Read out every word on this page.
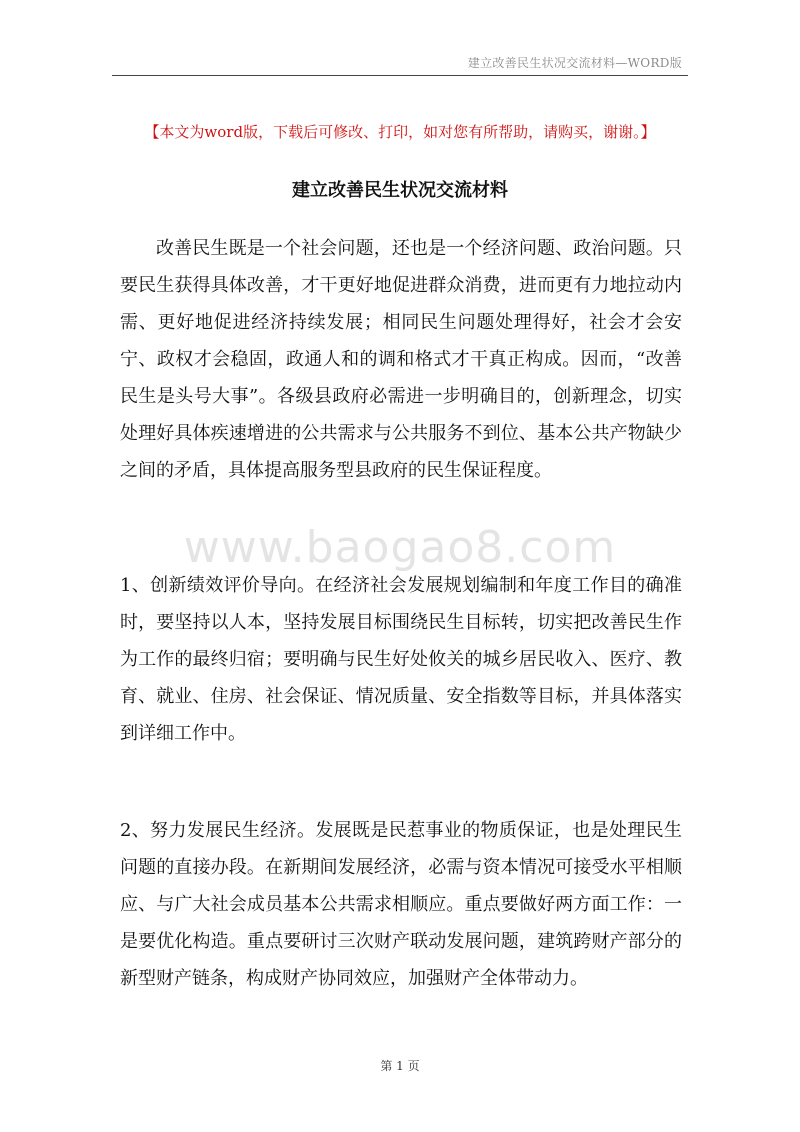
建立改善民生状况交流材料—WORD版
【本文为word版，下载后可修改、打印，如对您有所帮助，请购买，谢谢。】
建立改善民生状况交流材料

改善民生既是一个社会问题，还也是一个经济问题、政治问题。只要民生获得具体改善，才干更好地促进群众消费，进而更有力地拉动内需、更好地促进经济持续发展；相同民生问题处理得好，社会才会安宁、政权才会稳固，政通人和的调和格式才干真正构成。因而，“改善民生是头号大事”。各级县政府必需进一步明确目的，创新理念，切实处理好具体疾速增进的公共需求与公共服务不到位、基本公共产物缺少之间的矛盾，具体提高服务型县政府的民生保证程度。

www.baogao8.com

1、创新绩效评价导向。在经济社会发展规划编制和年度工作目的确准时，要坚持以人本，坚持发展目标围绕民生目标转，切实把改善民生作为工作的最终归宿；要明确与民生好处攸关的城乡居民收入、医疗、教育、就业、住房、社会保证、情况质量、安全指数等目标，并具体落实到详细工作中。

2、努力发展民生经济。发展既是民惹事业的物质保证，也是处理民生问题的直接办段。在新期间发展经济，必需与资本情况可接受水平相顺应、与广大社会成员基本公共需求相顺应。重点要做好两方面工作：一是要优化构造。重点要研讨三次财产联动发展问题，建筑跨财产部分的新型财产链条，构成财产协同效应，加强财产全体带动力。

第 1 页
